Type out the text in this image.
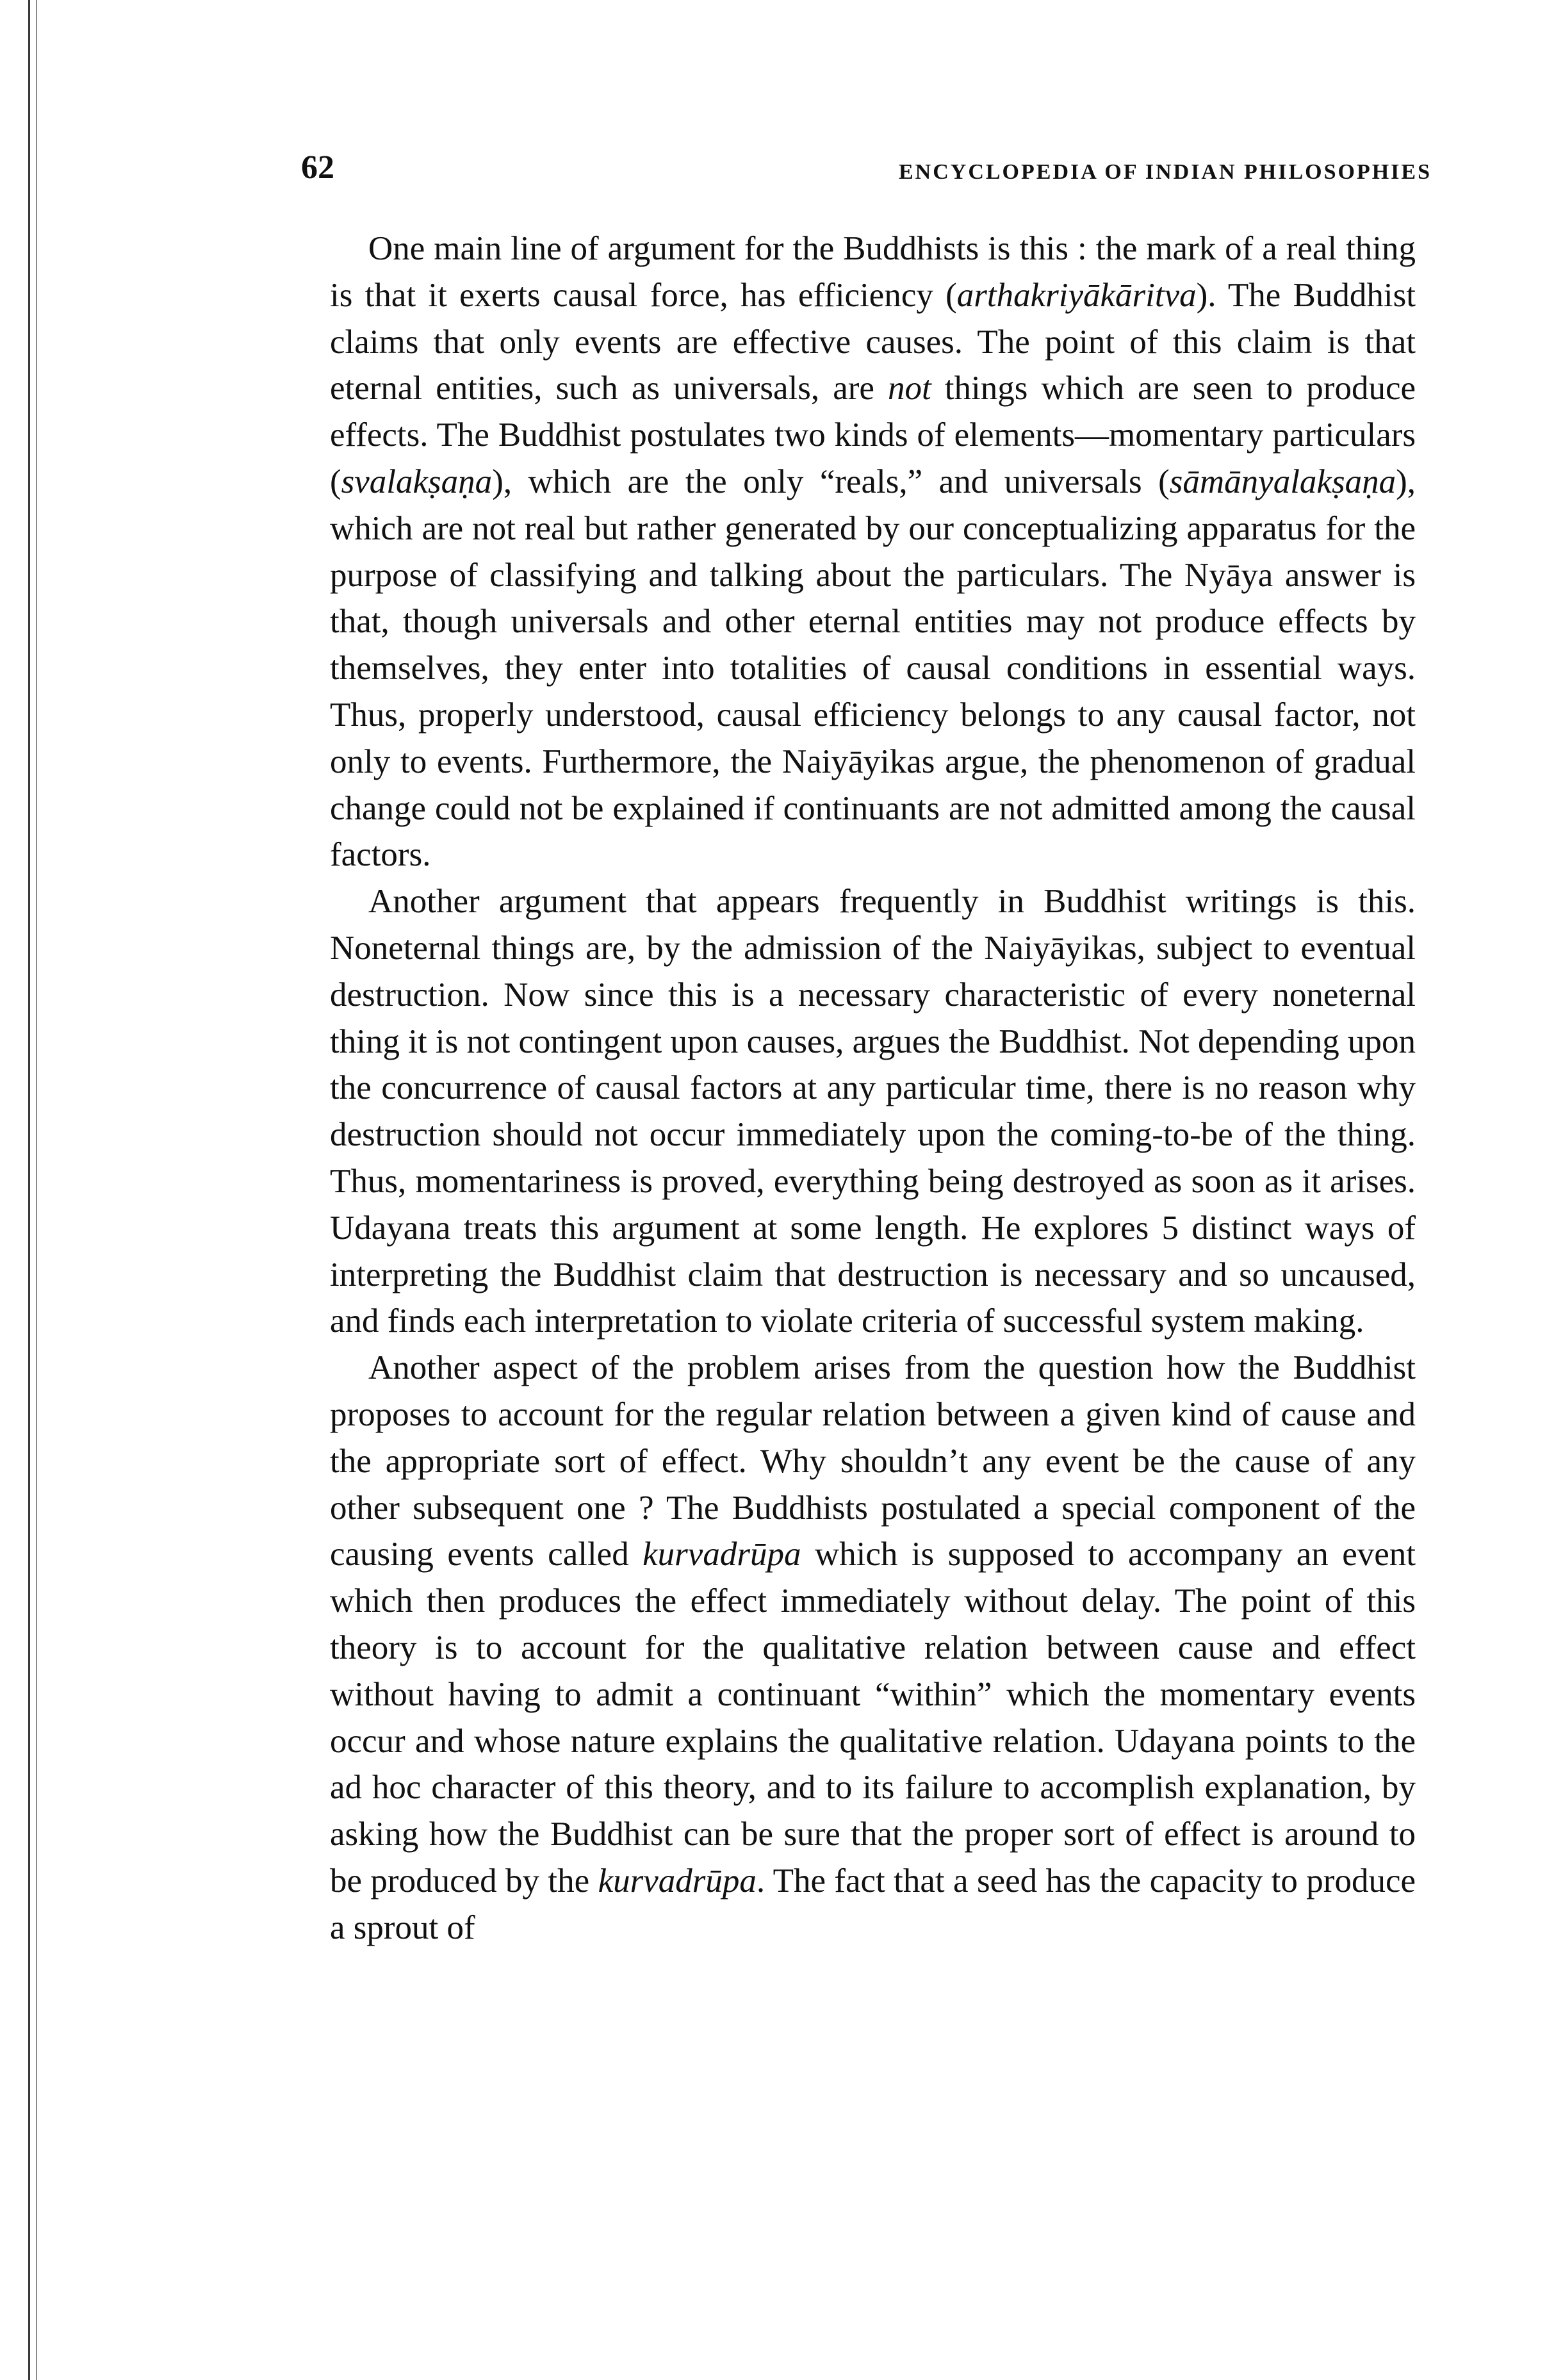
62	ENCYCLOPEDIA OF INDIAN PHILOSOPHIES

One main line of argument for the Buddhists is this : the mark of a real thing is that it exerts causal force, has efficiency (arthakriyākāritva). The Buddhist claims that only events are effective causes. The point of this claim is that eternal entities, such as universals, are not things which are seen to produce effects. The Buddhist postulates two kinds of elements—momentary particulars (svalakṣaṇa), which are the only “reals,” and universals (sāmānyalakṣaṇa), which are not real but rather generated by our conceptualizing apparatus for the purpose of classifying and talking about the particulars. The Nyāya answer is that, though universals and other eternal entities may not produce effects by themselves, they enter into totalities of causal conditions in essential ways. Thus, properly understood, causal efficiency belongs to any causal factor, not only to events. Furthermore, the Naiyāyikas argue, the phenomenon of gradual change could not be explained if continuants are not admitted among the causal factors.

Another argument that appears frequently in Buddhist writings is this. Noneternal things are, by the admission of the Naiyāyikas, subject to eventual destruction. Now since this is a necessary characteristic of every noneternal thing it is not contingent upon causes, argues the Buddhist. Not depending upon the concurrence of causal factors at any particular time, there is no reason why destruction should not occur immediately upon the coming-to-be of the thing. Thus, momentariness is proved, everything being destroyed as soon as it arises. Udayana treats this argument at some length. He explores 5 distinct ways of interpreting the Buddhist claim that destruction is necessary and so uncaused, and finds each interpretation to violate criteria of successful system making.

Another aspect of the problem arises from the question how the Buddhist proposes to account for the regular relation between a given kind of cause and the appropriate sort of effect. Why shouldn’t any event be the cause of any other subsequent one ? The Buddhists postulated a special component of the causing events called kurvadrūpa which is supposed to accompany an event which then produces the effect immediately without delay. The point of this theory is to account for the qualitative relation between cause and effect without having to admit a continuant “within” which the momentary events occur and whose nature explains the qualitative relation. Udayana points to the ad hoc character of this theory, and to its failure to accomplish explanation, by asking how the Buddhist can be sure that the proper sort of effect is around to be produced by the kurvadrūpa. The fact that a seed has the capacity to produce a sprout of
